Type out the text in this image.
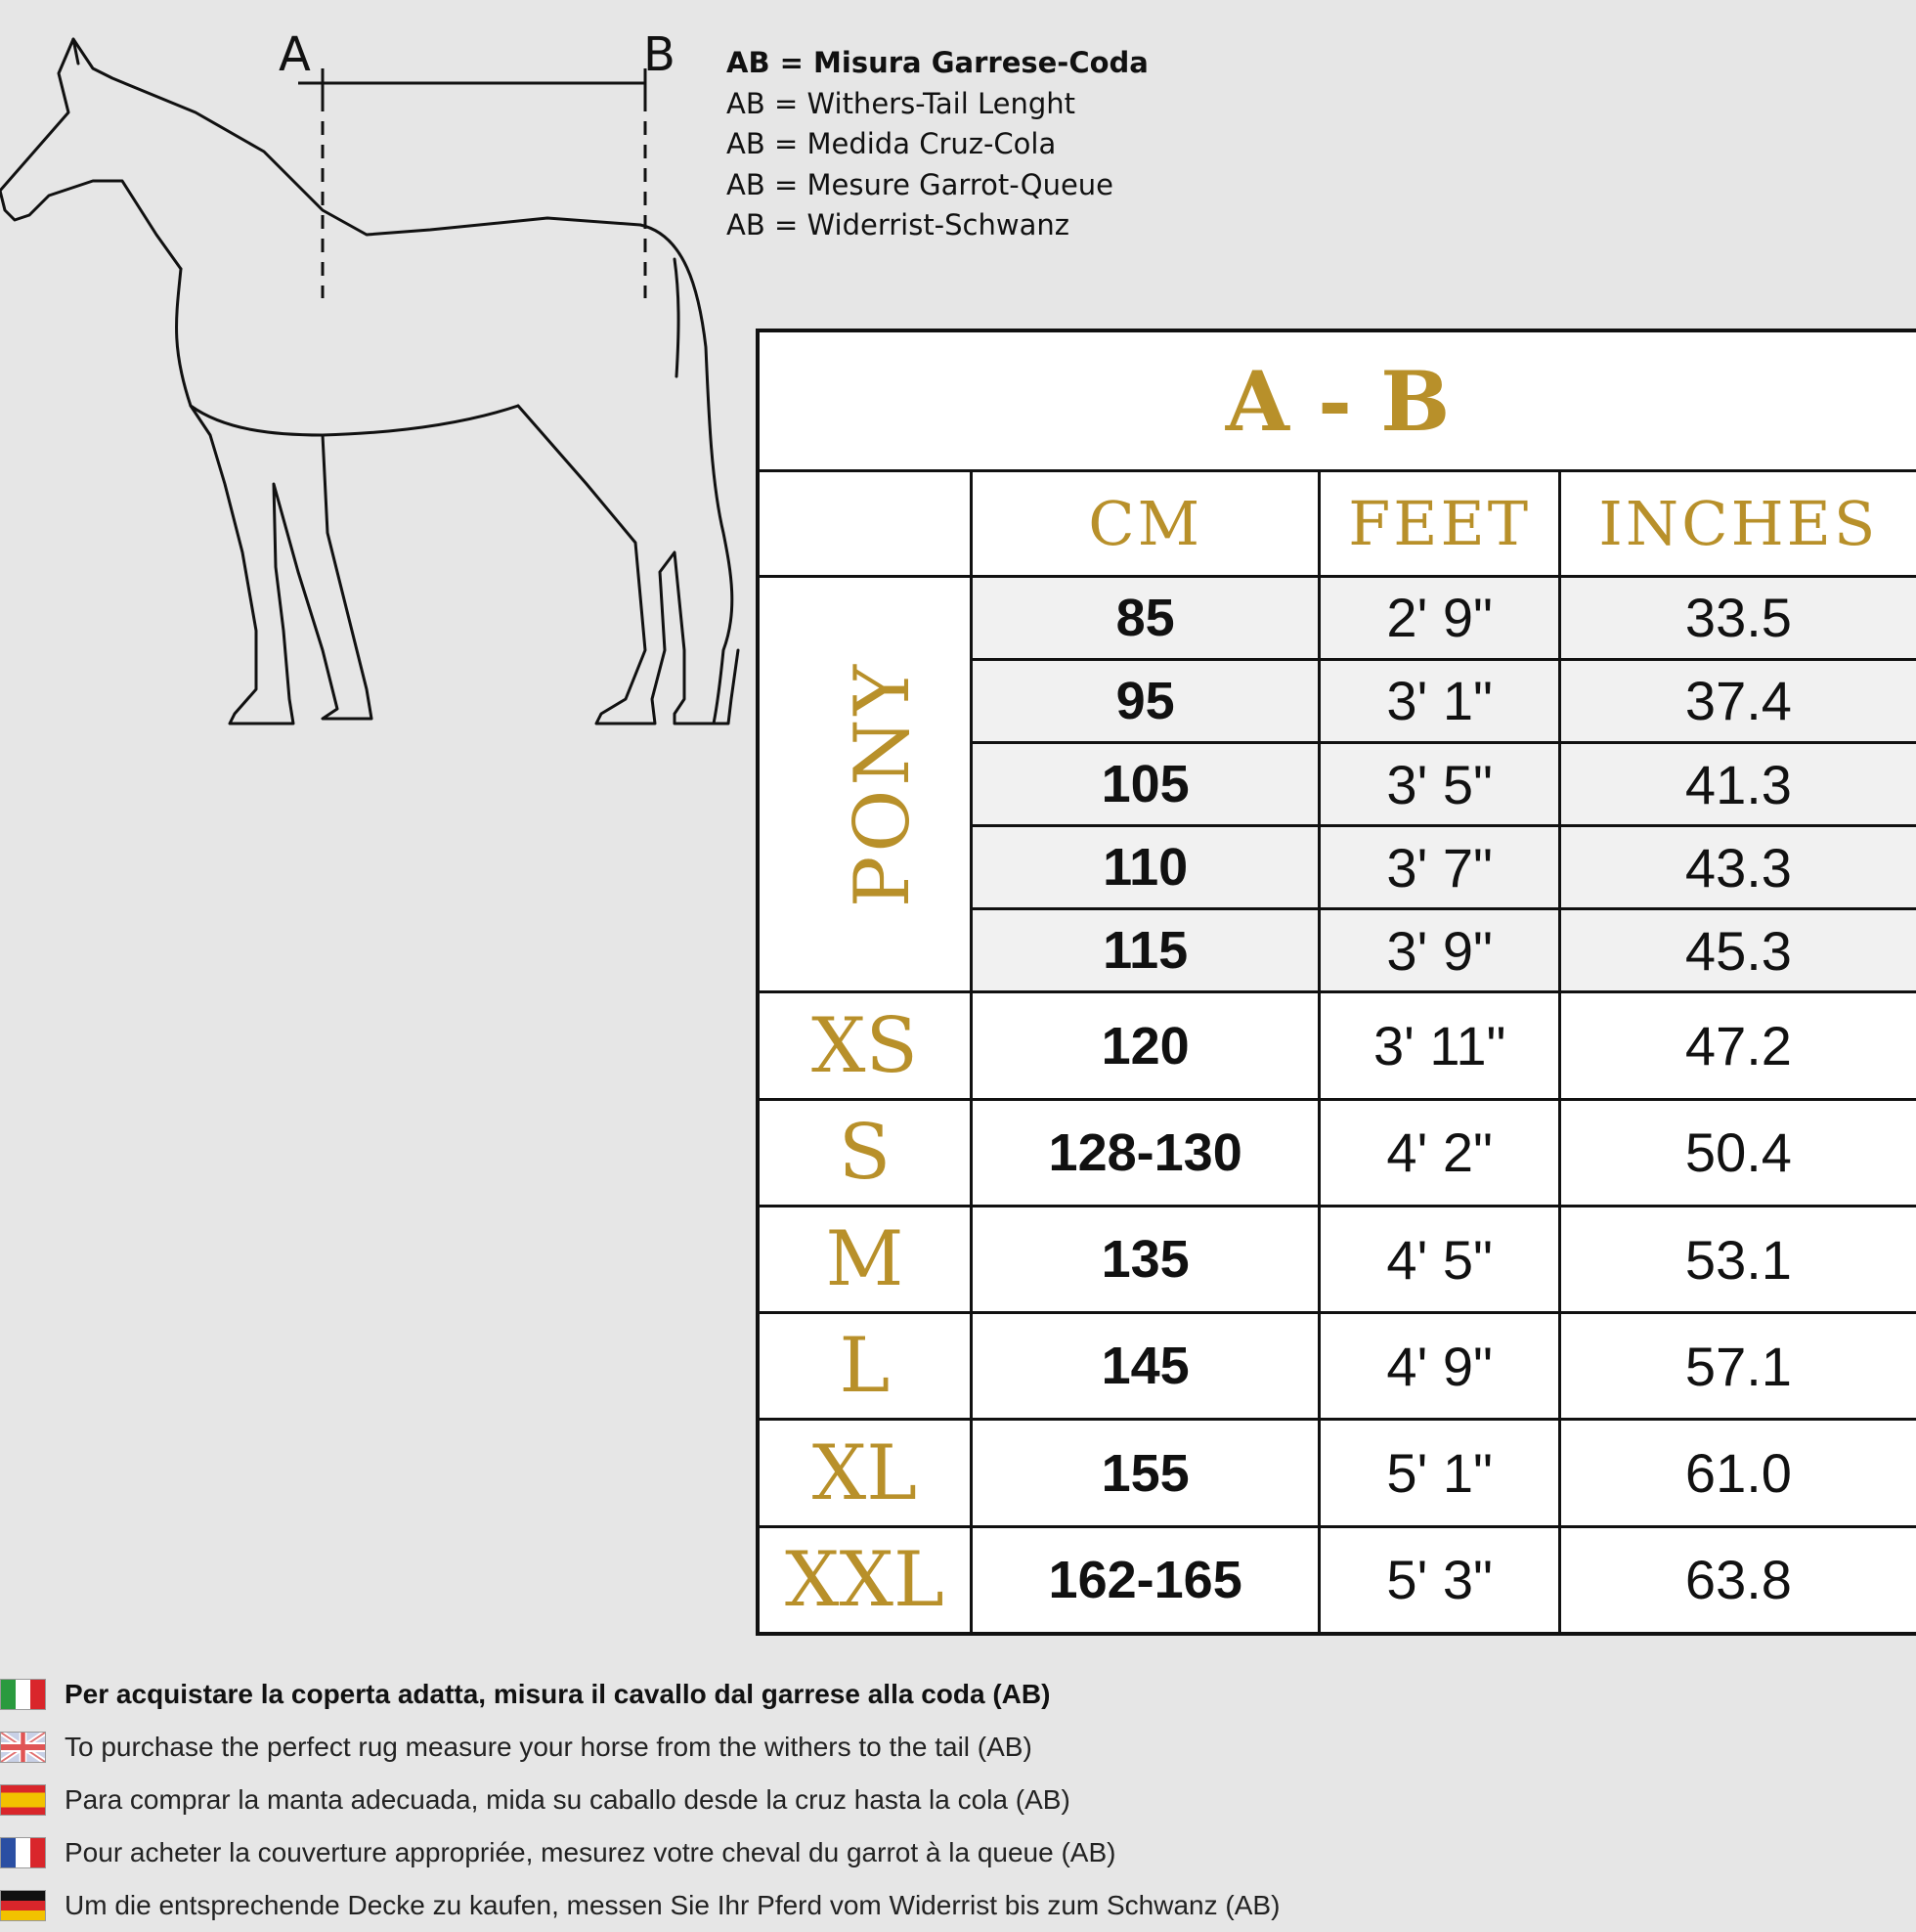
A	B AB = Misura Garrese-Coda
AB = Withers-Tail Lenght
AB = Medida Cruz-Cola
AB = Mesure Garrot-Queue
AB = Widerrist-Schwanz
A - B			
	CM	FEET	INCHES
PONY	85	2' 9"	33.5
	95	3' 1"	37.4
	105	3' 5"	41.3
	110	3' 7"	43.3
	115	3' 9"	45.3
XS	120	3' 11"	47.2
S	128-130	4' 2"	50.4
M	135	4' 5"	53.1
L	145	4' 9"	57.1
XL	155	5' 1"	61.0
XXL	162-165	5' 3"	63.8
Per acquistare la coperta adatta, misura il cavallo dal garrese alla coda (AB)
To purchase the perfect rug measure your horse from the withers to the tail (AB)
Para comprar la manta adecuada, mida su caballo desde la cruz hasta la cola (AB)
Pour acheter la couverture appropriée, mesurez votre cheval du garrot à la queue (AB)
Um die entsprechende Decke zu kaufen, messen Sie Ihr Pferd vom Widerrist bis zum Schwanz (AB)
